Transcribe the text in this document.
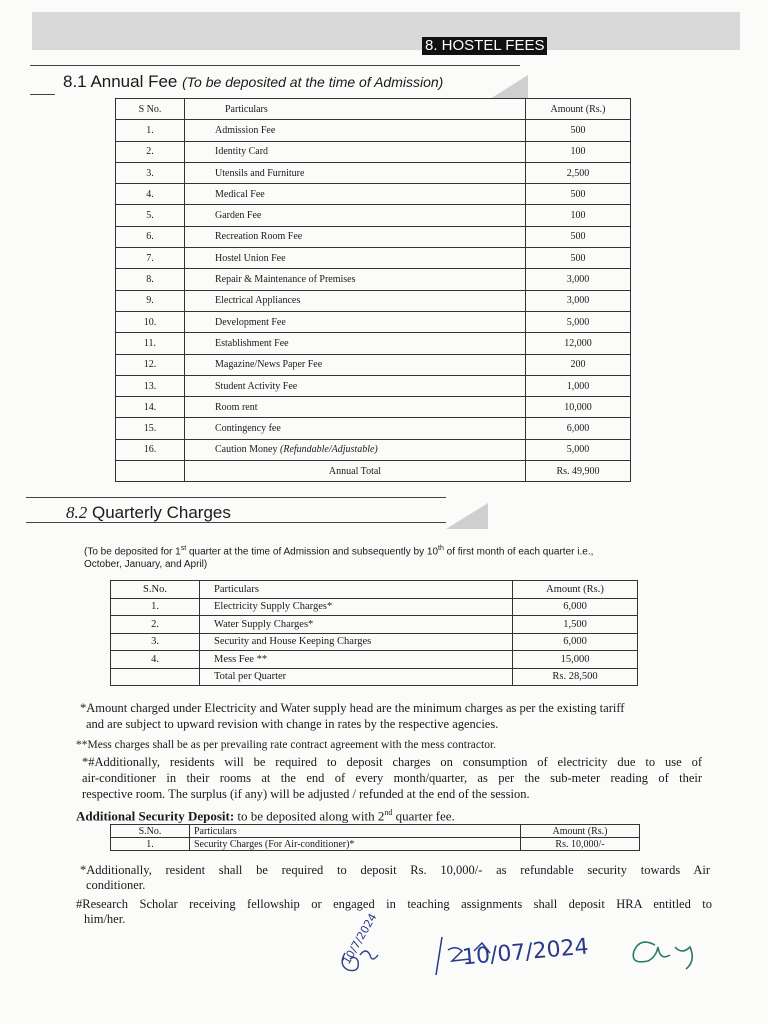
8. HOSTEL FEES
8.1 Annual Fee (To be deposited at the time of Admission)
S No.	Particulars	Amount (Rs.)
1.	Admission Fee	500
2.	Identity Card	100
3.	Utensils and Furniture	2,500
4.	Medical Fee	500
5.	Garden Fee	100
6.	Recreation Room Fee	500
7.	Hostel Union Fee	500
8.	Repair & Maintenance of Premises	3,000
9.	Electrical Appliances	3,000
10.	Development Fee	5,000
11.	Establishment Fee	12,000
12.	Magazine/News Paper Fee	200
13.	Student Activity Fee	1,000
14.	Room rent	10,000
15.	Contingency fee	6,000
16.	Caution Money (Refundable/Adjustable)	5,000
	Annual Total	Rs. 49,900
8.2 Quarterly Charges
(To be deposited for 1st quarter at the time of Admission and subsequently by 10th of first month of each quarter i.e.,
October, January, and April)
S.No.	Particulars	Amount (Rs.)
1.	Electricity Supply Charges*	6,000
2.	Water Supply Charges*	1,500
3.	Security and House Keeping Charges	6,000
4.	Mess Fee **	15,000
	Total per Quarter	Rs. 28,500
*Amount charged under Electricity and Water supply head are the minimum charges as per the existing tariff
and are subject to upward revision with change in rates by the respective agencies.
**Mess charges shall be as per prevailing rate contract agreement with the mess contractor.
*#Additionally, residents will be required to deposit charges on consumption of electricity due to use of
air-conditioner in their rooms at the end of every month/quarter, as per the sub-meter reading of their
respective room. The surplus (if any) will be adjusted / refunded at the end of the session.
Additional Security Deposit: to be deposited along with 2nd quarter fee.
S.No.	Particulars	Amount (Rs.)
1.	Security Charges (For Air-conditioner)*	Rs. 10,000/-
*Additionally, resident shall be required to deposit Rs. 10,000/- as refundable security towards Air
conditioner.
#Research Scholar receiving fellowship or engaged in teaching assignments shall deposit HRA entitled to
him/her.	10/7/2024	10/07/2024
